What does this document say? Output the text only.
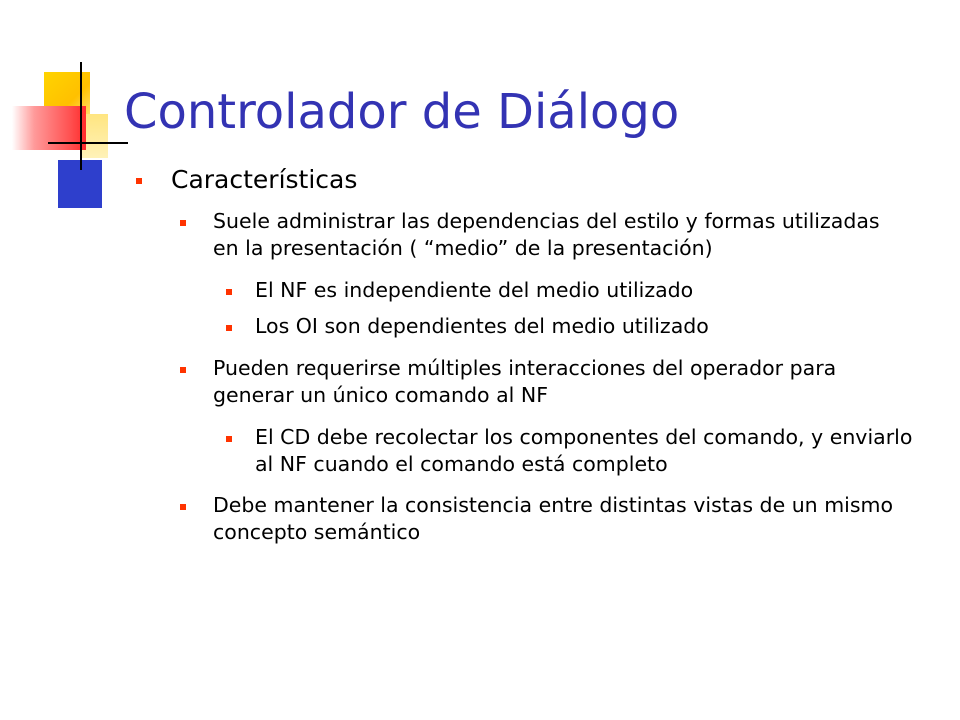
Controlador de Diálogo
Características
Suele administrar las dependencias del estilo y formas utilizadas en la presentación ( “medio” de la presentación)
El NF es independiente del medio utilizado
Los OI son dependientes del medio utilizado
Pueden requerirse múltiples interacciones del operador para generar un único comando al NF
El CD debe recolectar los componentes del comando, y enviarlo al NF cuando el comando está completo
Debe mantener la consistencia entre distintas vistas de un mismo concepto semántico
